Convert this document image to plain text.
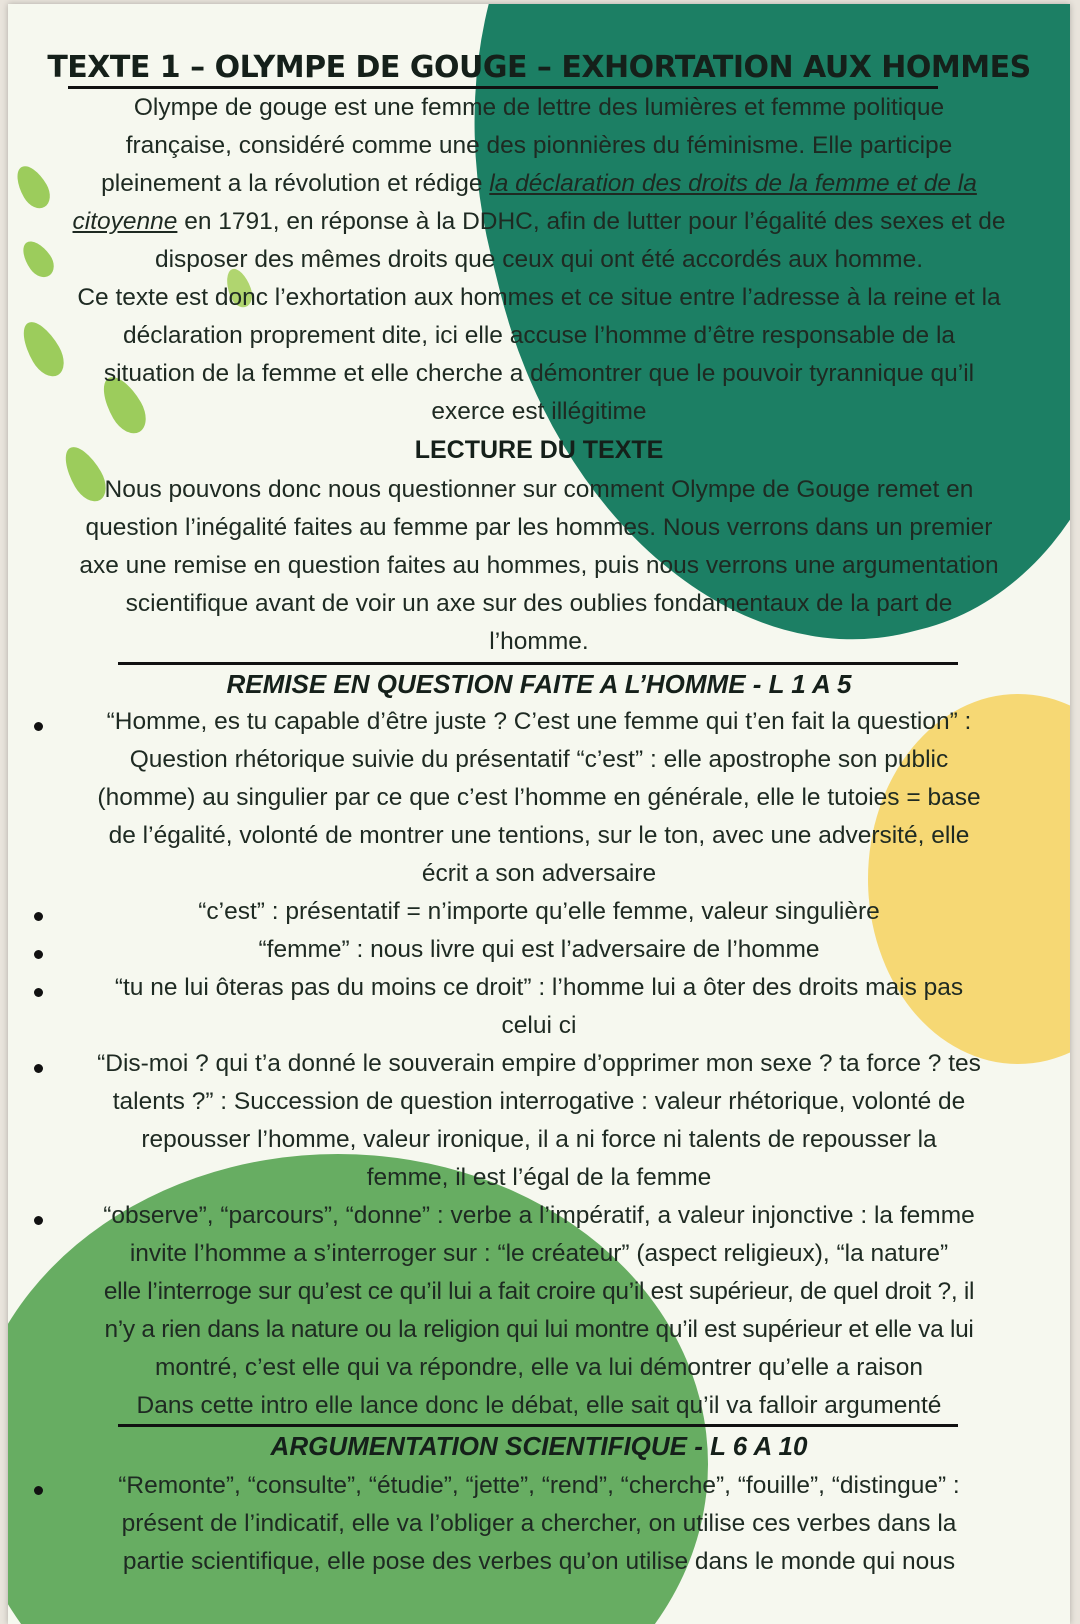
TEXTE 1 – OLYMPE DE GOUGE – EXHORTATION AUX HOMMES
Olympe de gouge est une femme de lettre des lumières et femme politique
française, considéré comme une des pionnières du féminisme. Elle participe
pleinement a la révolution et rédige la déclaration des droits de la femme et de la
citoyenne en 1791, en réponse à la DDHC, afin de lutter pour l’égalité des sexes et de
disposer des mêmes droits que ceux qui ont été accordés aux homme.
Ce texte est donc l’exhortation aux hommes et ce situe entre l’adresse à la reine et la
déclaration proprement dite, ici elle accuse l’homme d’être responsable de la
situation de la femme et elle cherche a démontrer que le pouvoir tyrannique qu’il
exerce est illégitime
LECTURE DU TEXTE
Nous pouvons donc nous questionner sur comment Olympe de Gouge remet en
question l’inégalité faites au femme par les hommes. Nous verrons dans un premier
axe une remise en question faites au hommes, puis nous verrons une argumentation
scientifique avant de voir un axe sur des oublies fondamentaux de la part de
l’homme.
REMISE EN QUESTION FAITE A L’HOMME - L 1 A 5
“Homme, es tu capable d’être juste ? C’est une femme qui t’en fait la question” :
Question rhétorique suivie du présentatif “c’est” : elle apostrophe son public
(homme) au singulier par ce que c’est l’homme en générale, elle le tutoies = base
de l’égalité, volonté de montrer une tentions, sur le ton, avec une adversité, elle
écrit a son adversaire
“c’est” : présentatif = n’importe qu’elle femme, valeur singulière
“femme” : nous livre qui est l’adversaire de l’homme
“tu ne lui ôteras pas du moins ce droit” : l’homme lui a ôter des droits mais pas
celui ci
“Dis-moi ? qui t’a donné le souverain empire d’opprimer mon sexe ? ta force ? tes
talents ?” : Succession de question interrogative : valeur rhétorique, volonté de
repousser l’homme, valeur ironique, il a ni force ni talents de repousser la
femme, il est l’égal de la femme
“observe”, “parcours”, “donne” : verbe a l’impératif, a valeur injonctive : la femme
invite l’homme a s’interroger sur : “le créateur” (aspect religieux), “la nature”
elle l’interroge sur qu’est ce qu’il lui a fait croire qu’il est supérieur, de quel droit ?, il
n’y a rien dans la nature ou la religion qui lui montre qu’il est supérieur et elle va lui
montré, c’est elle qui va répondre, elle va lui démontrer qu’elle a raison
Dans cette intro elle lance donc le débat, elle sait qu’il va falloir argumenté
ARGUMENTATION SCIENTIFIQUE - L 6 A 10
“Remonte”, “consulte”, “étudie”, “jette”, “rend”, “cherche”, “fouille”, “distingue” :
présent de l’indicatif, elle va l’obliger a chercher, on utilise ces verbes dans la
partie scientifique, elle pose des verbes qu’on utilise dans le monde qui nous
